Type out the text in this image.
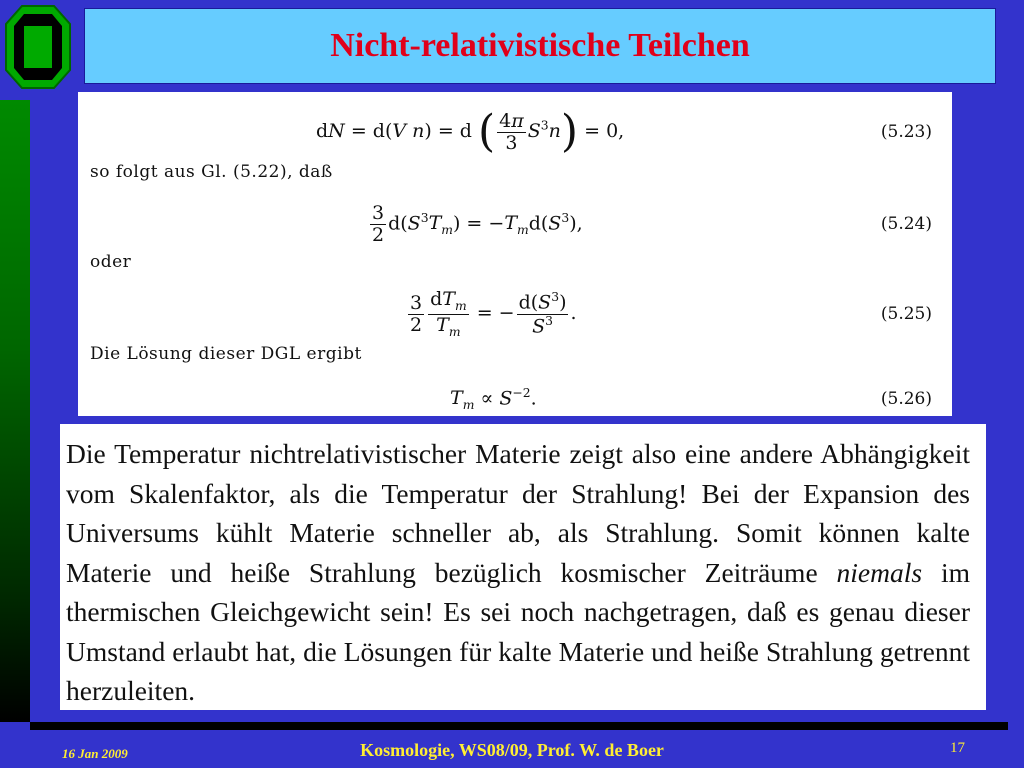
Nicht-relativistische Teilchen
dN = d(V n) = d ( $\frac{4\pi}{3} S^3n) = 0$,	(5.23)
so folgt aus Gl. (5.22), daß
$\frac{3}{2} d(S^3T_m) = -T_md(S^3)$,	(5.24)
oder
$\frac{3}{2} \frac{dT_m}{T_m}$ = − $\frac{d(S^3)}{S^3}$ .	(5.25)
Die Lösung dieser DGL ergibt
$T_m \propto S^{-2}$.	(5.26)

Die Temperatur nichtrelativistischer Materie zeigt also eine andere Abhängigkeit vom Skalenfaktor, als die Temperatur der Strahlung! Bei der Expansion des Universums kühlt Materie schneller ab, als Strahlung. Somit können kalte Materie und heiße Strahlung bezüglich kosmischer Zeiträume niemals im thermischen Gleichgewicht sein! Es sei noch nachgetragen, daß es genau dieser Umstand erlaubt hat, die Lösungen für kalte Materie und heiße Strahlung getrennt herzuleiten.

16 Jan 2009	Kosmologie, WS08/09, Prof. W. de Boer	17
